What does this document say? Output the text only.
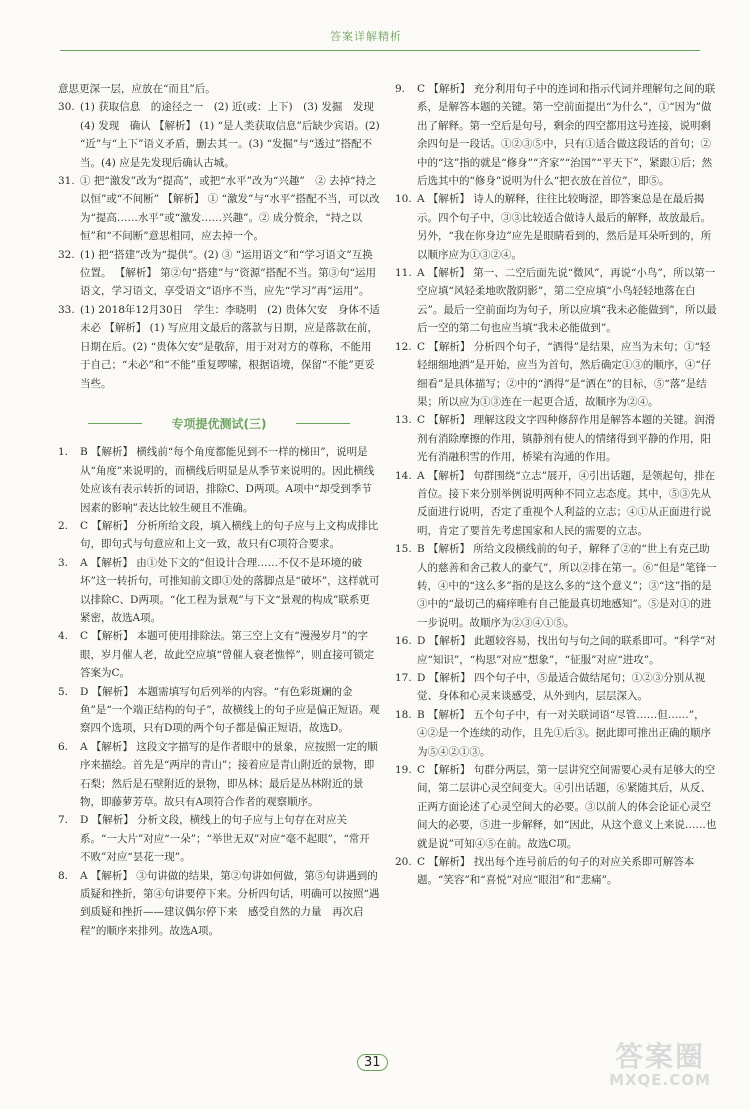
答案详解精析

意思更深一层，应放在“而且”后。

30. (1) 获取信息　的途径之一　(2) 近(或：上下)　(3) 发掘　发现　(4) 发现　确认 【解析】 (1) “是人类获取信息”后缺少宾语。(2) “近”与“上下”语义矛盾，删去其一。(3) “发掘”与“透过”搭配不当。(4) 应是先发现后确认古城。

31. ① 把“激发”改为“提高”，或把“水平”改为“兴趣”　② 去掉“持之以恒”或“不间断” 【解析】 ① “激发”与“水平”搭配不当，可以改为“提高……水平”或“激发……兴趣”。② 成分赘余，“持之以恒”和“不间断”意思相同，应去掉一个。

32. (1) 把“搭建”改为“提供”。(2) ③ “运用语文”和“学习语文”互换位置。 【解析】 第②句“搭建”与“资源”搭配不当。第③句“运用语文，学习语文，享受语文”语序不当，应先“学习”再“运用”。

33. (1) 2018年12月30日　学生：李晓明　(2) 贵体欠安　身体不适　未必 【解析】 (1) 写应用文最后的落款与日期，应是落款在前，日期在后。(2) “贵体欠安”是敬辞，用于对对方的尊称，不能用于自己；“未必”和“不能”重复啰嗦，根据语境，保留“不能”更妥当些。

专项提优测试(三)

1. B 【解析】 横线前“每个角度都能见到不一样的梯田”，说明是从“角度”来说明的，而横线后明显是从季节来说明的。因此横线处应该有表示转折的词语，排除C、D两项。A项中“却受到季节因素的影响”表达比较生硬且不准确。

2. C 【解析】 分析所给文段，填入横线上的句子应与上文构成排比句，即句式与句意应和上文一致，故只有C项符合要求。

3. A 【解析】 由①处下文的“但设计合理……不仅不是环境的破坏”这一转折句，可推知前文即①处的落脚点是“破坏”，这样就可以排除C、D两项。“化工程为景观”与下文“景观的构成”联系更紧密，故选A项。

4. C 【解析】 本题可使用排除法。第三空上文有“漫漫岁月”的字眼，岁月催人老，故此空应填“曾催人衰老憔悴”，则直接可锁定答案为C。

5. D 【解析】 本题需填写句后列举的内容。“有色彩斑斓的金鱼”是“一个端正结构的句子”，故横线上的句子应是偏正短语。观察四个选项，只有D项的两个句子都是偏正短语，故选D。

6. A 【解析】 这段文字描写的是作者眼中的景象，应按照一定的顺序来描绘。首先是“两岸的青山”；接着应是青山附近的景物，即石梨；然后是石壁附近的景物，即丛林；最后是丛林附近的景物，即藤萝芳草。故只有A项符合作者的观察顺序。

7. D 【解析】 分析文段，横线上的句子应与上句存在对应关系。“一大片”对应“一朵”；“举世无双”对应“毫不起眼”，“常开不败”对应“昙花一现”。

8. A 【解析】 ③句讲做的结果，第②句讲如何做，第⑤句讲遇到的质疑和挫折，第④句讲要停下来。分析四句话，明确可以按照“遇到质疑和挫折——建议偶尔停下来　感受自然的力量　再次启程”的顺序来排列。故选A项。

9. C 【解析】 充分利用句子中的连词和指示代词并理解句之间的联系，是解答本题的关键。第一空前面提出“为什么”，①“因为”做出了解释。第一空后是句号，剩余的四空都用这号连接，说明剩余四句是一段话。①②③⑤中，只有①适合做这段话的首句；②中的“这”指的就是“修身”“齐家”“治国”“平天下”，紧跟①后；然后选其中的“修身”说明为什么“把衣放在首位”，即⑤。

10. A 【解析】 诗人的解释，往往比较晦涩，即答案总是在最后揭示。四个句子中，③③比较适合做诗人最后的解释，故放最后。另外，“我在你身边”应先是眼睛看到的，然后是耳朵听到的，所以顺序应为①③②④。

11. A 【解析】 第一、二空后面先说“微风”，再说“小鸟”，所以第一空应填“风轻柔地吹散阴影”，第二空应填“小鸟轻轻地落在白云”。最后一空前面均为句子，所以应填“我未必能做到”，所以最后一空的第二句也应当填“我未必能做到”。

12. C 【解析】 分析四个句子，“洒得”是结果，应当为末句；①“轻轻细细地洒”是开始，应当为首句，然后确定①③的顺序，④“仔细看”是具体描写；②中的“洒得”是“洒在”的目标，⑤“落”是结果；所以应为①③连在一起更合适，故顺序为②④。

13. C 【解析】 理解这段文字四种修辞作用是解答本题的关键。润滑剂有消除摩擦的作用，镇静剂有使人的情绪得到平静的作用，阳光有消融积雪的作用，桥梁有沟通的作用。

14. A 【解析】 句群围绕“立志”展开，④引出话题，是领起句，排在首位。接下来分别举例说明两种不同立志态度。其中，⑤③先从反面进行说明，否定了重视个人利益的立志；④①从正面进行说明，肯定了要首先考虑国家和人民的需要的立志。

15. B 【解析】 所给文段横线前的句子，解释了②的“世上有克己助人的慈善和舍己救人的豪气”，所以②排在第一。⑥“但是”笔锋一转，④中的“这么多”指的是这么多的“这个意义”；③“这”指的是③中的“最切己的痛痒唯有自己能最真切地感知”。⑤是对①的进一步说明。故顺序为②③④①⑤。

16. D 【解析】 此题较容易，找出句与句之间的联系即可。“科学”对应“知识”，“构思”对应“想象”，“征服”对应“进攻”。

17. D 【解析】 四个句子中，⑤最适合做结尾句；①②③分别从视觉、身体和心灵来谈感受，从外到内，层层深入。

18. B 【解析】 五个句子中，有一对关联词语“尽管……但……”，④②是一个连续的动作，且先①后③。据此即可推出正确的顺序为⑤④②①③。

19. C 【解析】 句群分两层，第一层讲究空间需要心灵有足够大的空间，第二层讲心灵空间变大。④引出话题，⑥紧随其后，从反、正两方面论述了心灵空间大的必要。③以前人的体会论证心灵空间大的必要，⑤进一步解释，如“因此，从这个意义上来说……也就是说”可知④⑤在前。故选C项。

20. C 【解析】 找出每个连号前后的句子的对应关系即可解答本题。“笑容”和“喜悦”对应“眼泪”和“悲痛”。

31	答案圈
MXQE.COM
